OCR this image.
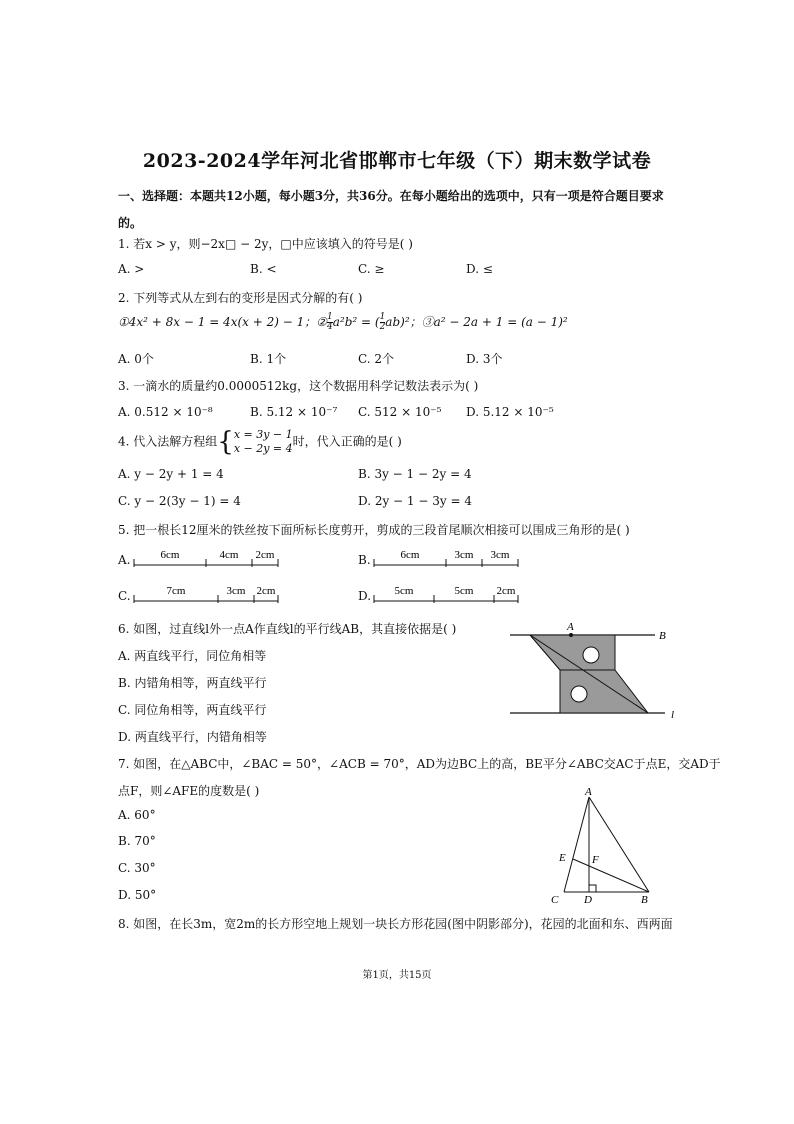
2023-2024学年河北省邯郸市七年级（下）期末数学试卷
一、选择题：本题共12小题，每小题3分，共36分。在每小题给出的选项中，只有一项是符合题目要求的。
1. 若x > y，则−2x□ − 2y，□中应该填入的符号是( )
A. >	B. <	C. ≥	D. ≤
2. 下列等式从左到右的变形是因式分解的有( )
①4x² + 8x − 1 = 4x(x + 2) − 1；② $\frac{1}{4} a^2b^2$ = ( $\frac{1}{2} ab)^2$；③a² − 2a + 1 = (a − 1)²
A. 0个	B. 1个	C. 2个	D. 3个
3. 一滴水的质量约0.0000512kg，这个数据用科学记数法表示为( )
A. 0.512 × 10⁻⁸	B. 5.12 × 10⁻⁷ C. 512 × 10⁻⁵ D. 5.12 × 10⁻⁵
4. 代入法解方程组{ x = 3y − 1
x − 2y = 4 时，代入正确的是( )
A. y − 2y + 1 = 4	B. 3y − 1 − 2y = 4
C. y − 2(3y − 1) = 4	D. 2y − 1 − 3y = 4
5. 把一根长12厘米的铁丝按下面所标长度剪开，剪成的三段首尾顺次相接可以围成三角形的是( )
A.	6cm	4cm 2cm	B.	6cm	3cm 3cm
C.	7cm	3cm 2cm	D. 5cm	5cm 2cm
6. 如图，过直线l外一点A作直线l的平行线AB，其直接依据是( )
A. 两直线平行，同位角相等
B. 内错角相等，两直线平行
C. 同位角相等，两直线平行
D. 两直线平行，内错角相等
A
B
l
7. 如图，在△ABC中，∠BAC = 50°，∠ACB = 70°，AD为边BC上的高，BE平分∠ABC交AC于点E，交AD于
点F，则∠AFE的度数是( )
A. 60°
B. 70°
C. 30°
D. 50°
A
E F
C D	B
8. 如图，在长3m，宽2m的长方形空地上规划一块长方形花园(图中阴影部分)，花园的北面和东、西两面
第1页，共15页
